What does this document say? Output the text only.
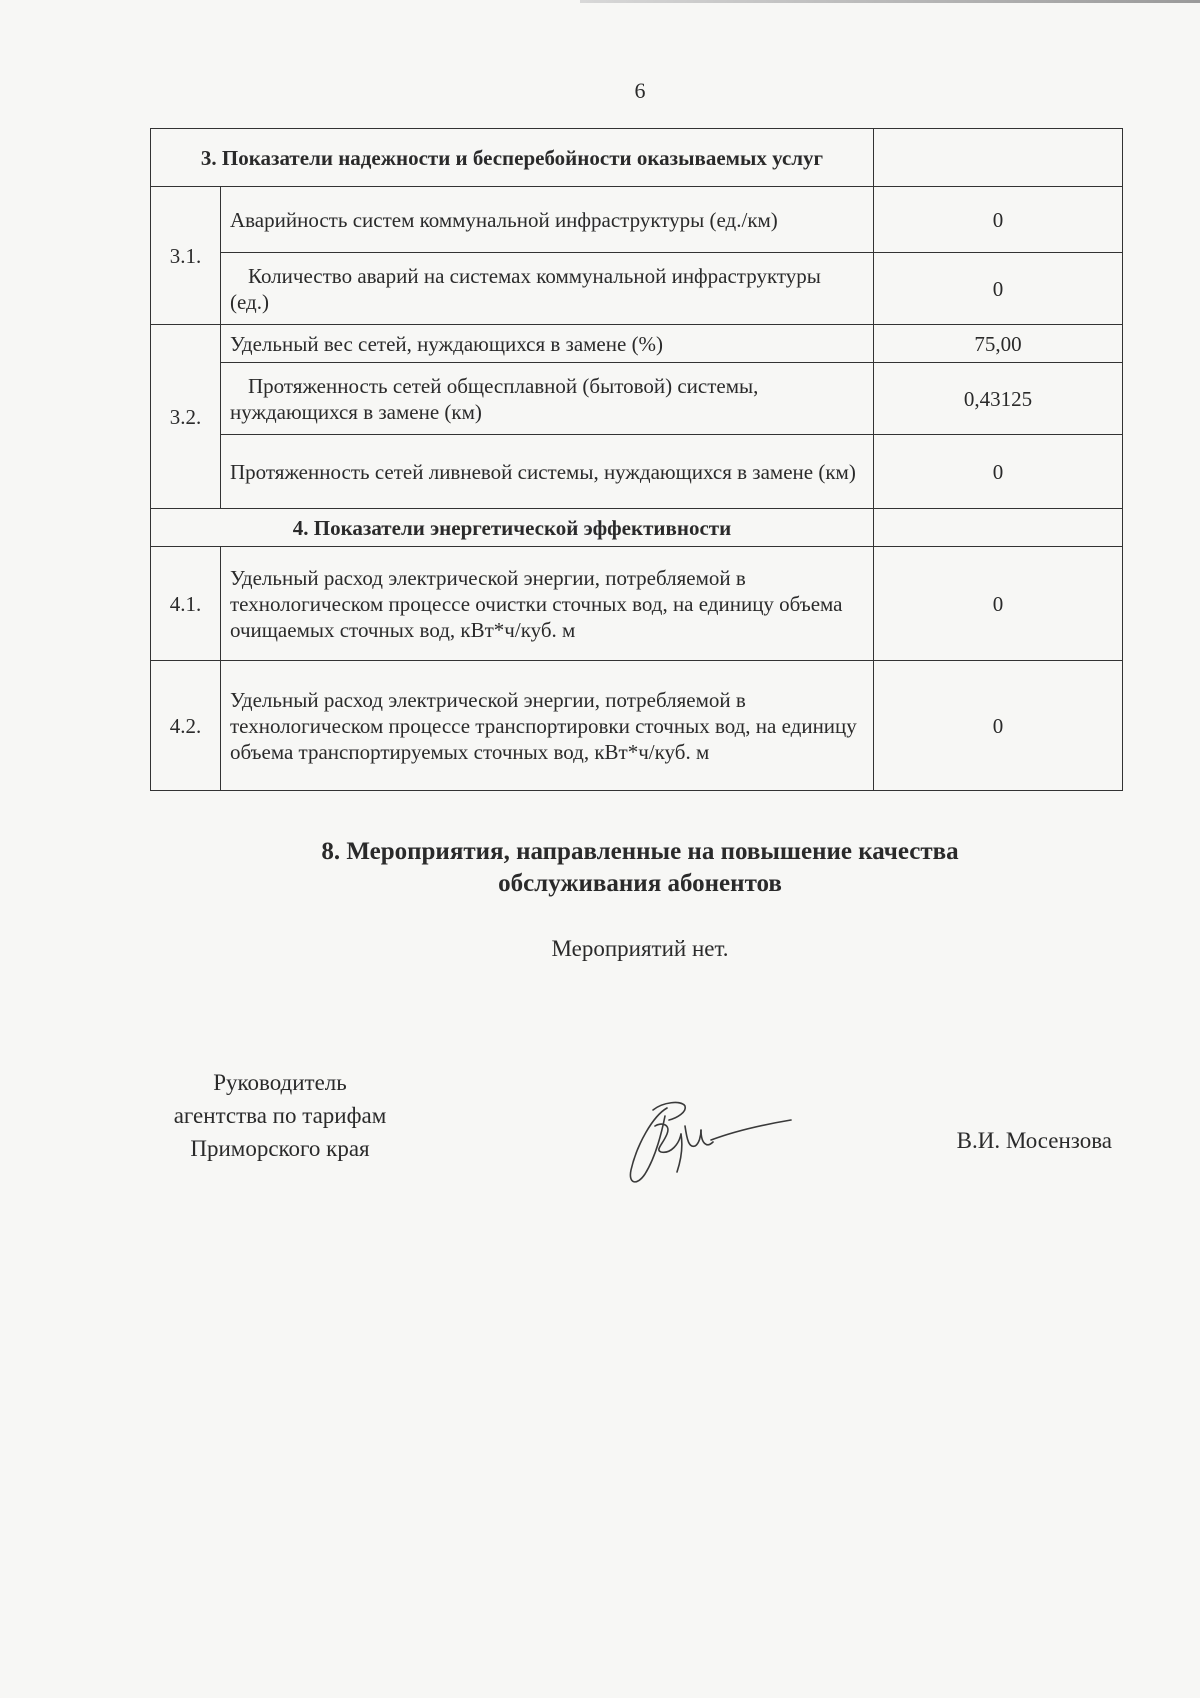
6
3. Показатели надежности и бесперебойности оказываемых услуг		
3.1.	Аварийность систем коммунальной инфраструктуры (ед./км)	0
	Количество аварий на системах коммунальной инфраструктуры (ед.)	0
3.2.	Удельный вес сетей, нуждающихся в замене (%)	75,00
	Протяженность сетей общесплавной (бытовой) системы, нуждающихся в замене (км)	0,43125
	Протяженность сетей ливневой системы, нуждающихся в замене (км)	0
4. Показатели энергетической эффективности		
4.1.	Удельный расход электрической энергии, потребляемой в технологическом процессе очистки сточных вод, на единицу объема очищаемых сточных вод, кВт*ч/куб. м	0
4.2.	Удельный расход электрической энергии, потребляемой в технологическом процессе транспортировки сточных вод, на единицу объема транспортируемых сточных вод, кВт*ч/куб. м	0
8. Мероприятия, направленные на повышение качества
обслуживания абонентов
Мероприятий нет.
Руководитель
агентства по тарифам
Приморского края	В.И. Мосензова
